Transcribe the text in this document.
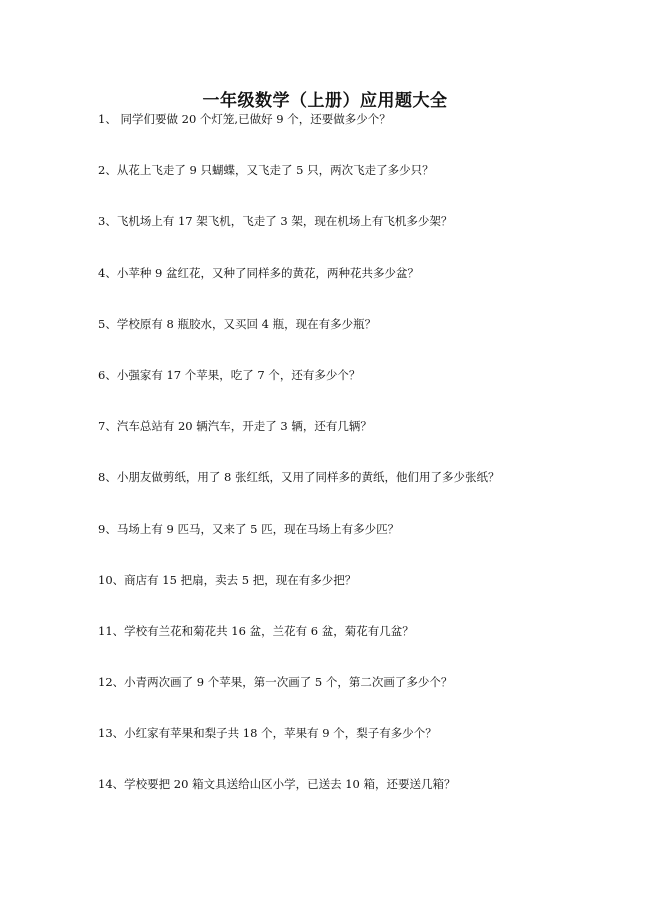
一年级数学（上册）应用题大全
1、 同学们要做 20 个灯笼,已做好 9 个，还要做多少个？
2、 从花上飞走了 9 只蝴蝶，又飞走了 5 只，两次飞走了多少只？
3、 飞机场上有 17 架飞机，飞走了 3 架，现在机场上有飞机多少架？
4、 小苹种 9 盆红花，又种了同样多的黄花，两种花共多少盆？
5、 学校原有 8 瓶胶水，又买回 4 瓶，现在有多少瓶？
6、 小强家有 17 个苹果，吃了 7 个，还有多少个？
7、 汽车总站有 20 辆汽车，开走了 3 辆，还有几辆？
8、 小朋友做剪纸，用了 8 张红纸，又用了同样多的黄纸，他们用了多少张纸？
9、 马场上有 9 匹马，又来了 5 匹，现在马场上有多少匹？
10、 商店有 15 把扇，卖去 5 把，现在有多少把？
11、 学校有兰花和菊花共 16 盆，兰花有 6 盆，菊花有几盆？
12、 小青两次画了 9 个苹果，第一次画了 5 个，第二次画了多少个？
13、 小红家有苹果和梨子共 18 个，苹果有 9 个，梨子有多少个？
14、 学校要把 20 箱文具送给山区小学，已送去 10 箱，还要送几箱？
